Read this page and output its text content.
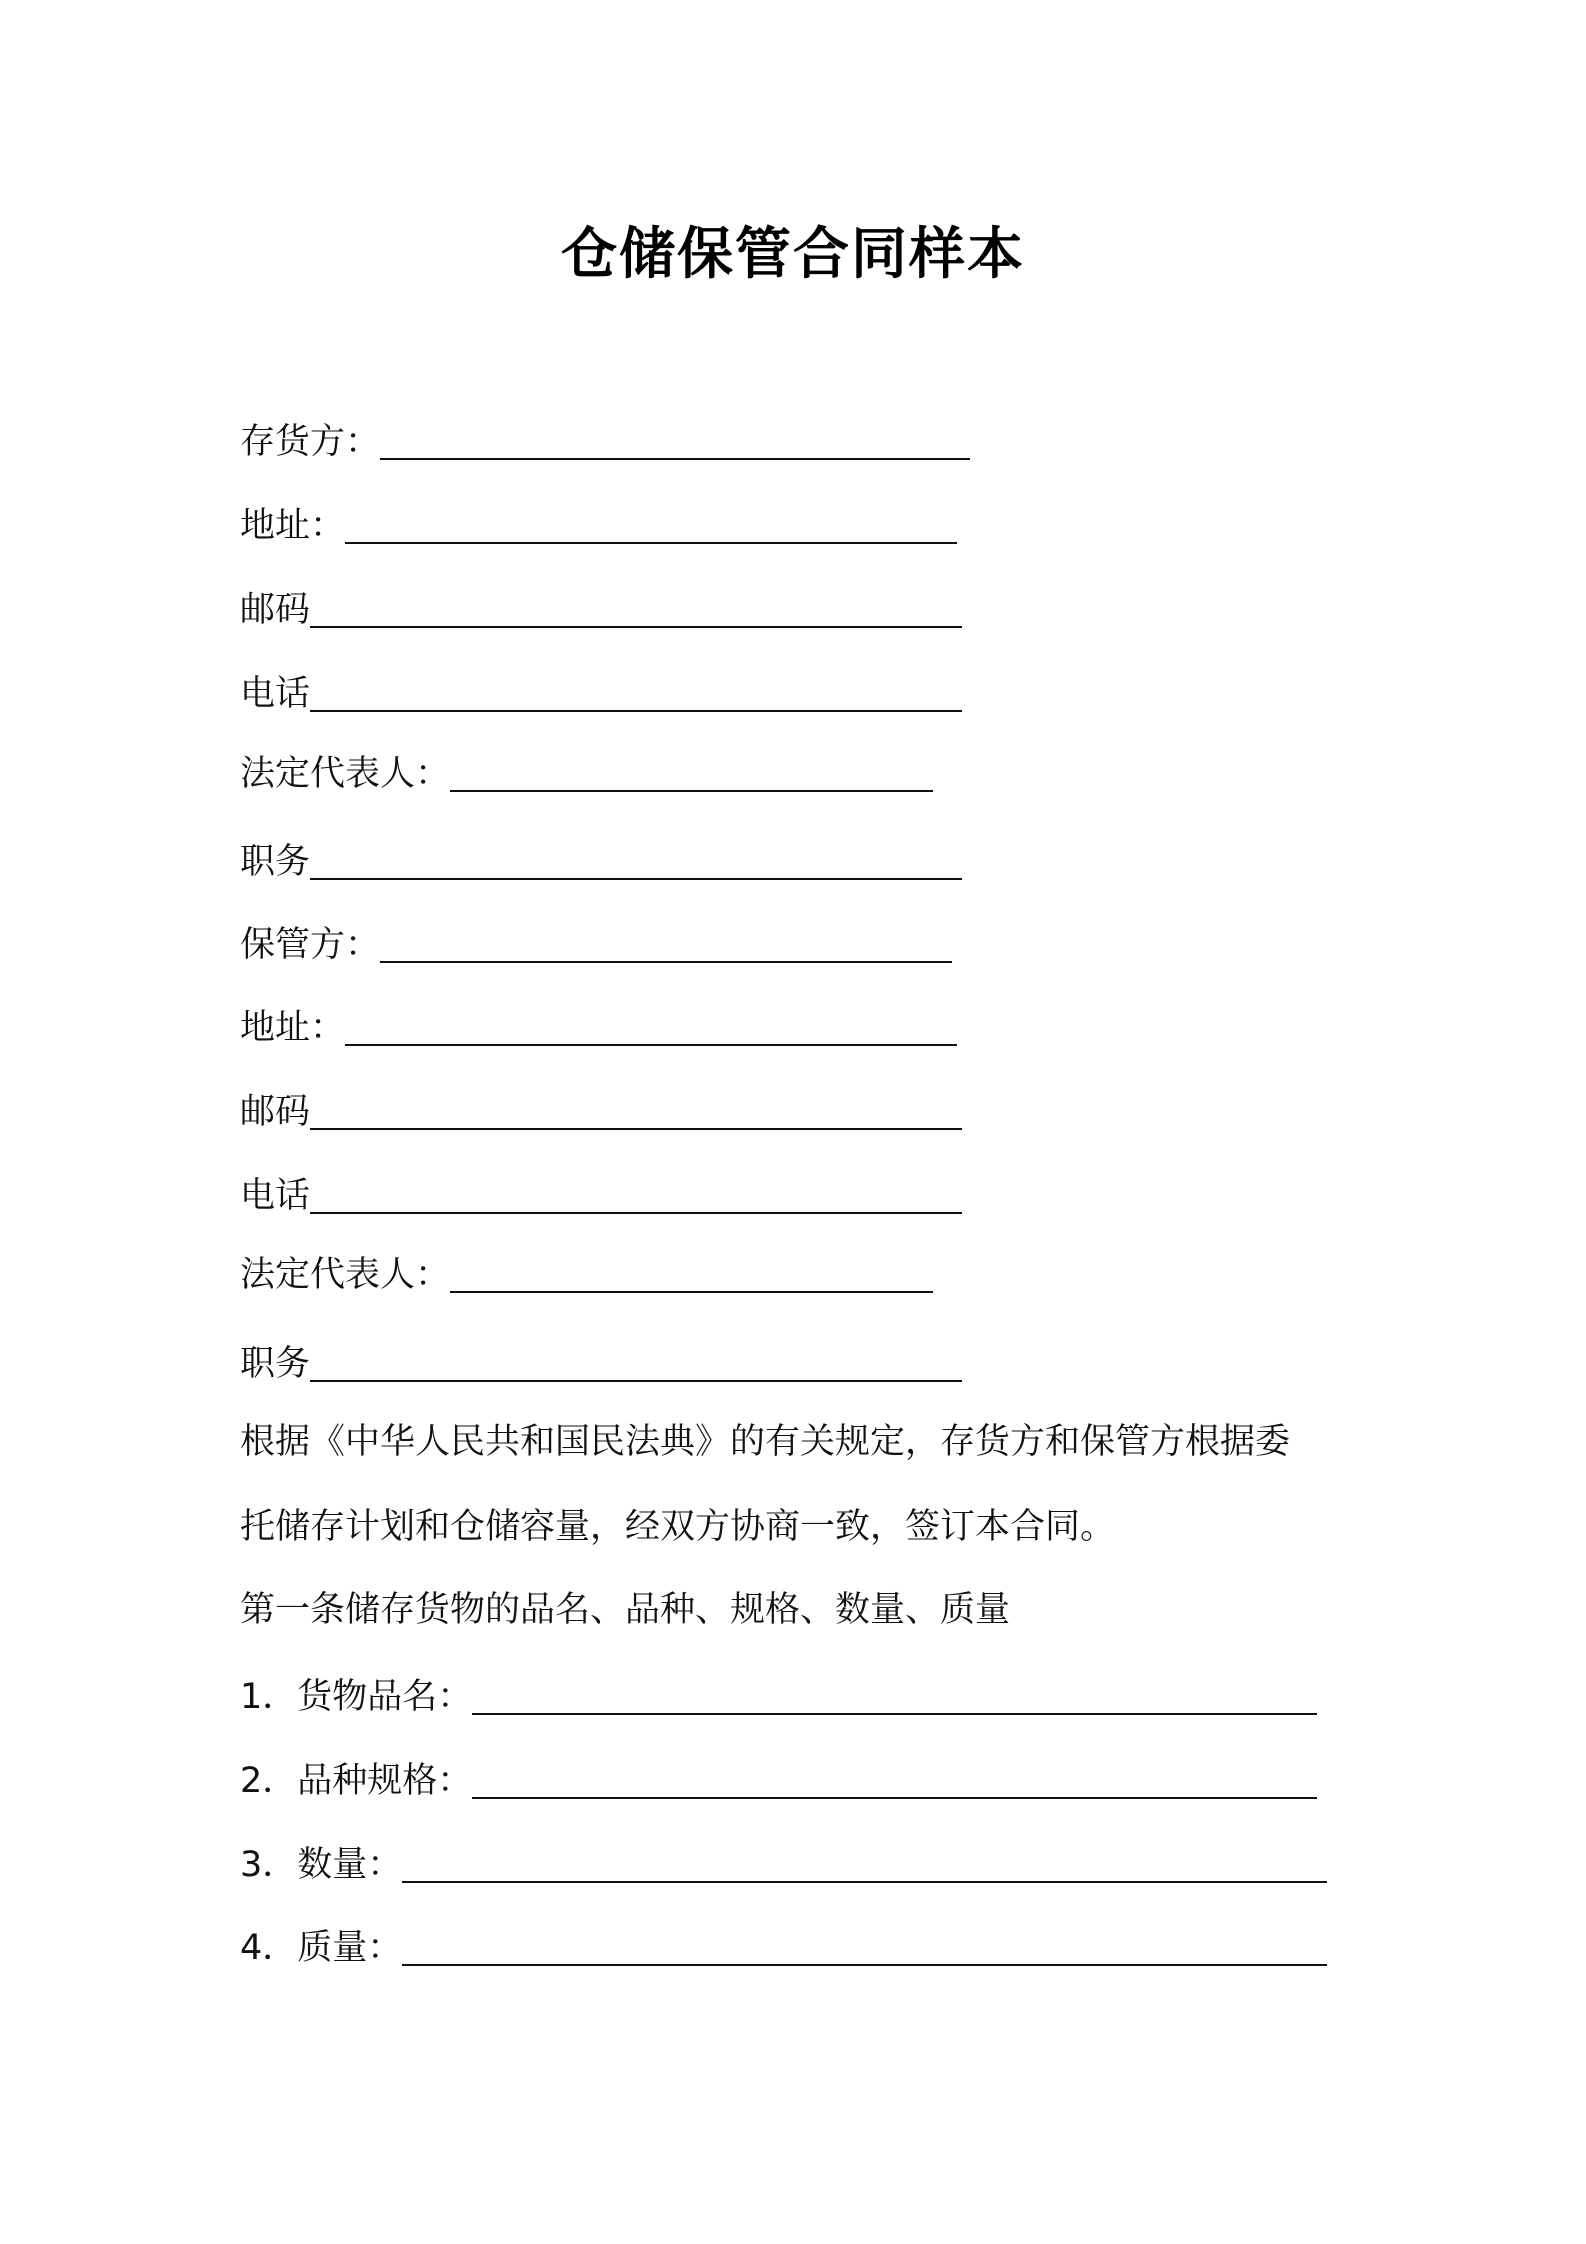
仓储保管合同样本
存货方：
地址：
邮码
电话
法定代表人：
职务
保管方：
地址：
邮码
电话
法定代表人：
职务
根据《中华人民共和国民法典》的有关规定，存货方和保管方根据委
托储存计划和仓储容量，经双方协商一致，签订本合同。
第一条储存货物的品名、品种、规格、数量、质量
1．货物品名：
2．品种规格：
3．数量：
4．质量：
